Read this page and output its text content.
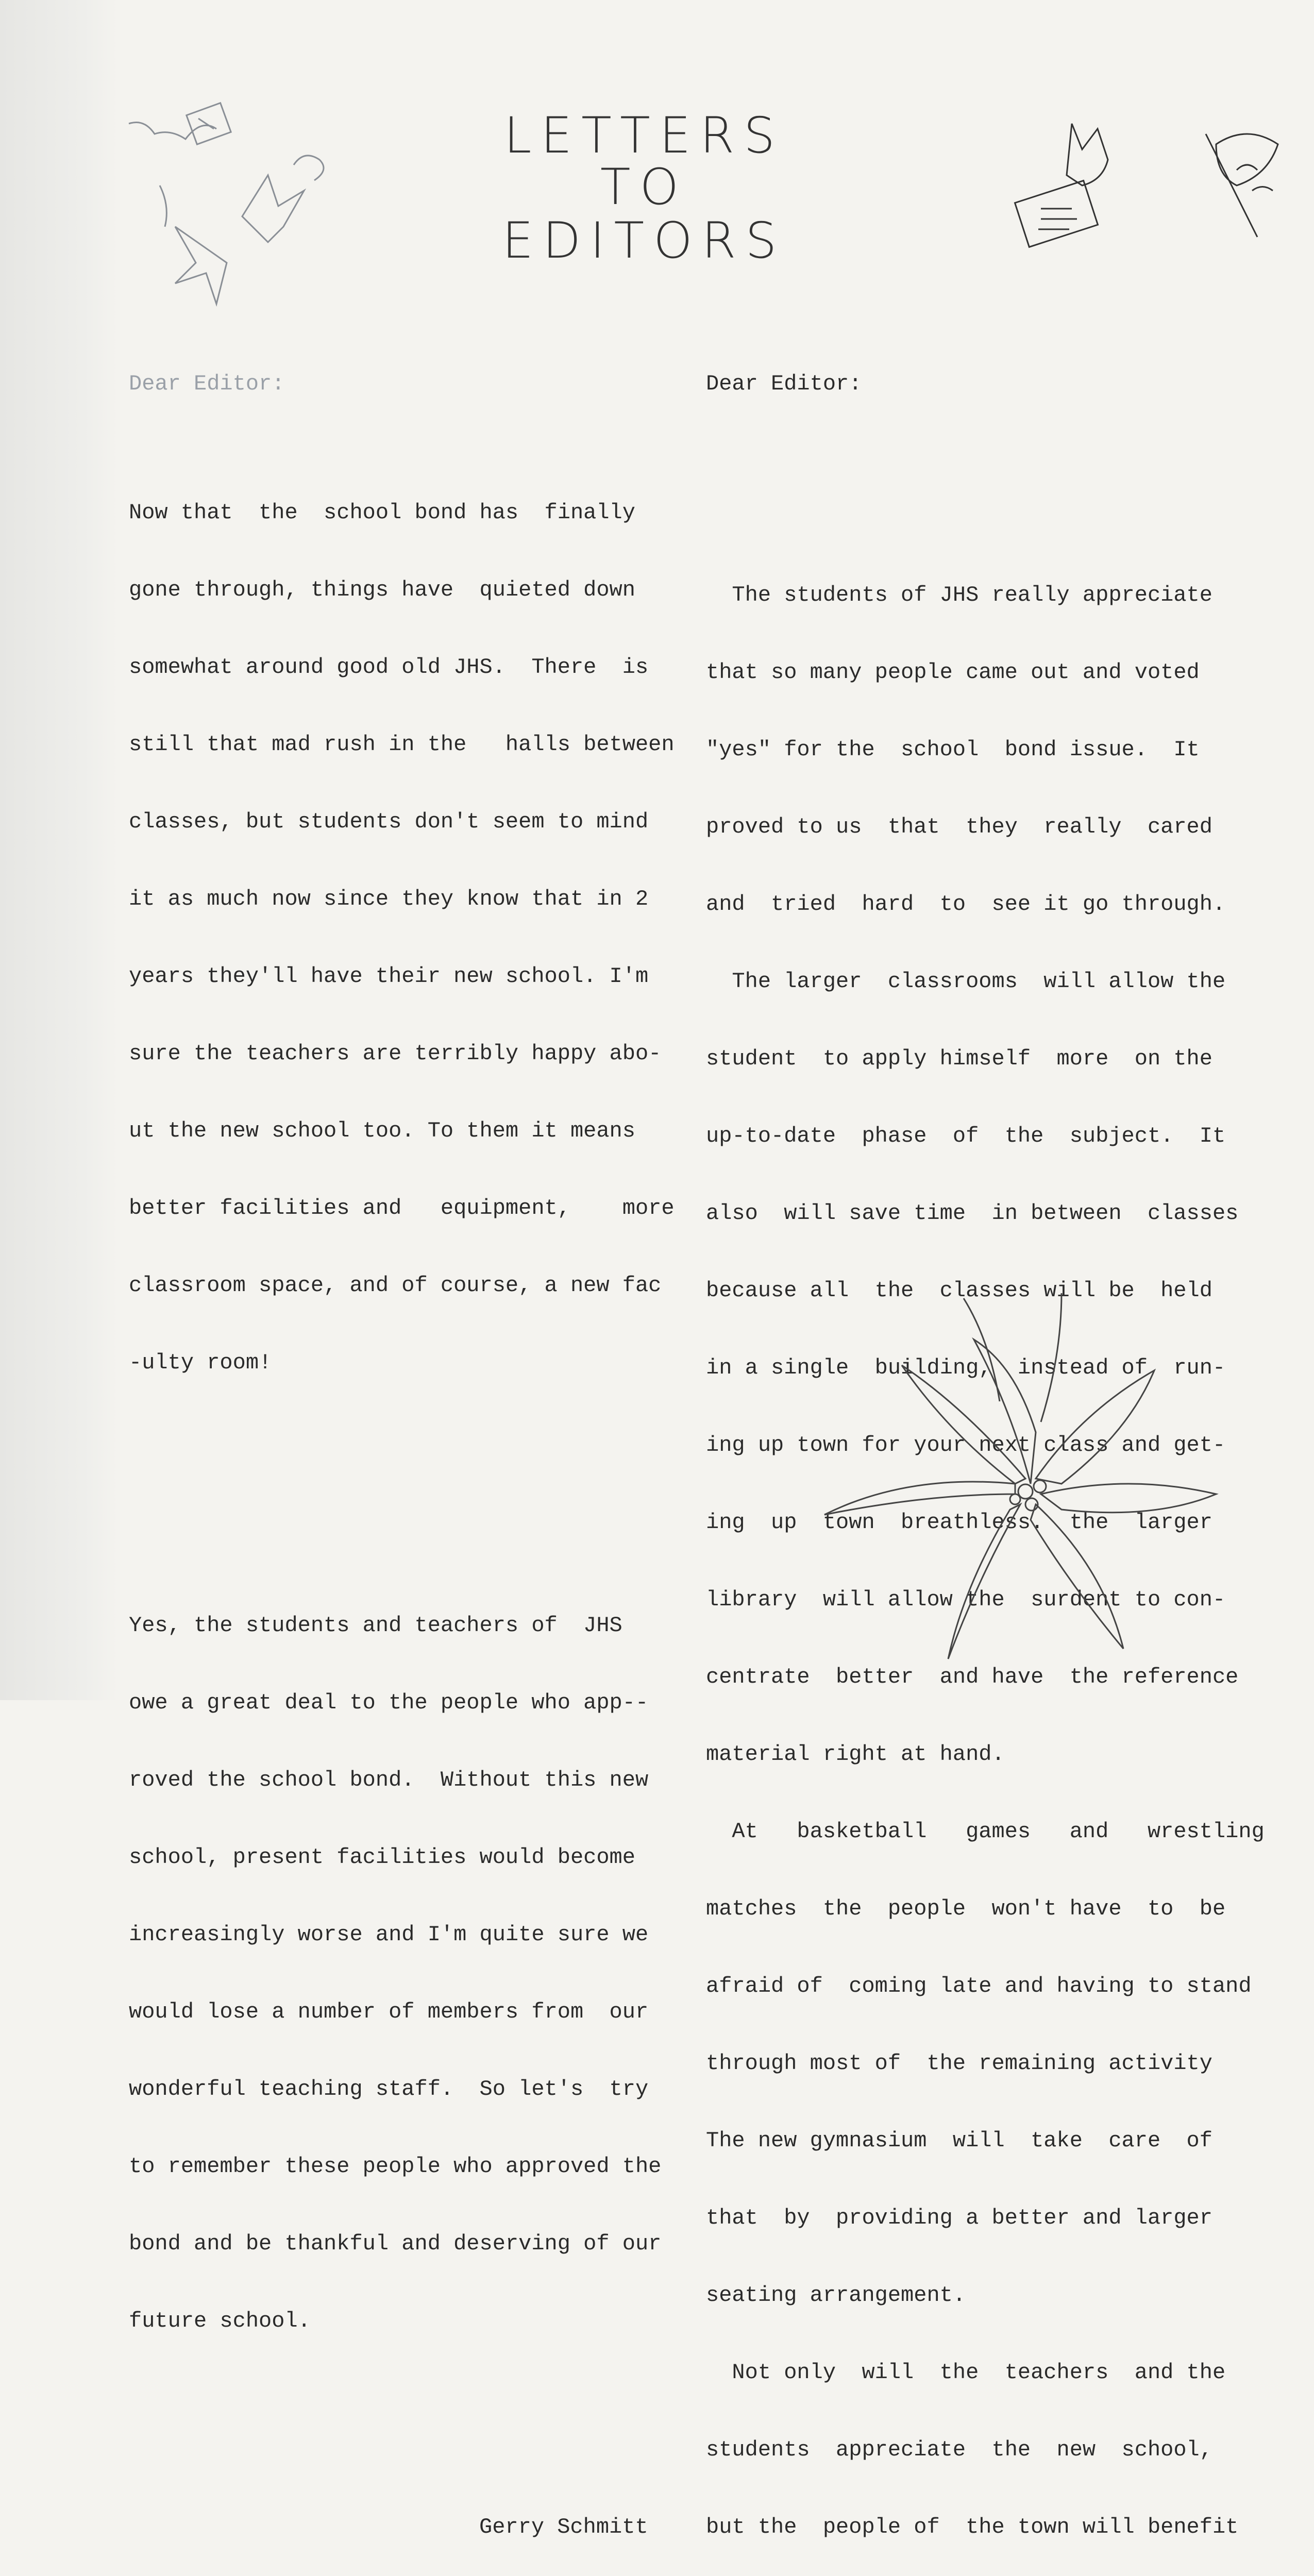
LETTERS
TO
EDITORS

Dear Editor:

Now that  the  school bond has  finally

gone through, things have  quieted down

somewhat around good old JHS.  There  is

still that mad rush in the   halls between

classes, but students don't seem to mind

it as much now since they know that in 2

years they'll have their new school. I'm

sure the teachers are terribly happy abo-

ut the new school too. To them it means

better facilities and   equipment,    more

classroom space, and of course, a new fac

-ulty room!

Yes, the students and teachers of  JHS

owe a great deal to the people who app--

roved the school bond.  Without this new

school, present facilities would become

increasingly worse and I'm quite sure we

would lose a number of members from  our

wonderful teaching staff.  So let's  try

to remember these people who approved the

bond and be thankful and deserving of our

future school.

Gerry Schmitt

Dear Editor:

The students of JHS really appreciate

that so many people came out and voted

"yes" for the  school  bond issue.  It

proved to us  that  they  really  cared

and  tried  hard  to  see it go through.

The larger  classrooms  will allow the

student  to apply himself  more  on the

up-to-date  phase  of  the  subject.  It

also  will save time  in between  classes

because all  the  classes will be  held

in a single  building,  instead of  run-

ing up town for your next class and get-

ing  up  town  breathless.  the  larger

library  will allow the  surdent to con-

centrate  better  and have  the reference

material right at hand.

At   basketball   games   and   wrestling

matches  the  people  won't have  to  be

afraid of  coming late and having to stand

through most of  the remaining activity

The new gymnasium  will  take  care  of

that  by  providing a better and larger

seating arrangement.

Not only  will  the  teachers  and the

students  appreciate  the  new  school,

but the  people of  the town will benefit
